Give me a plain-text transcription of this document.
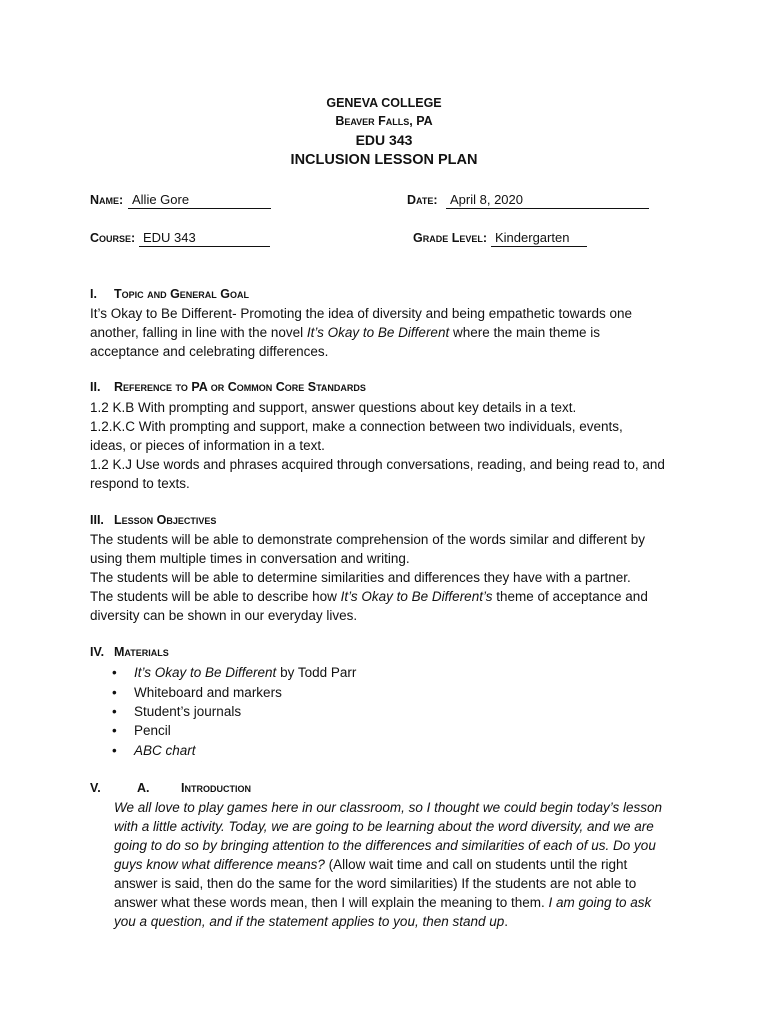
GENEVA COLLEGE
Beaver Falls, PA
EDU 343
INCLUSION LESSON PLAN
Name: Allie Gore	Date: April 8, 2020
Course: EDU 343	Grade Level: Kindergarten
I. Topic and General Goal
It’s Okay to Be Different- Promoting the idea of diversity and being empathetic towards one
another, falling in line with the novel It’s Okay to Be Different where the main theme is
acceptance and celebrating differences.
II. Reference to PA or Common Core Standards
1.2 K.B With prompting and support, answer questions about key details in a text.
1.2.K.C With prompting and support, make a connection between two individuals, events,
ideas, or pieces of information in a text.
1.2 K.J Use words and phrases acquired through conversations, reading, and being read to, and
respond to texts.
III. Lesson Objectives
The students will be able to demonstrate comprehension of the words similar and different by
using them multiple times in conversation and writing.
The students will be able to determine similarities and differences they have with a partner.
The students will be able to describe how It’s Okay to Be Different’s theme of acceptance and
diversity can be shown in our everyday lives.
IV. Materials
• It’s Okay to Be Different by Todd Parr
• Whiteboard and markers
• Student’s journals
• Pencil
• ABC chart
V.	A.	Introduction
We all love to play games here in our classroom, so I thought we could begin today’s lesson
with a little activity. Today, we are going to be learning about the word diversity, and we are
going to do so by bringing attention to the differences and similarities of each of us. Do you
guys know what difference means? (Allow wait time and call on students until the right
answer is said, then do the same for the word similarities) If the students are not able to
answer what these words mean, then I will explain the meaning to them. I am going to ask
you a question, and if the statement applies to you, then stand up.
